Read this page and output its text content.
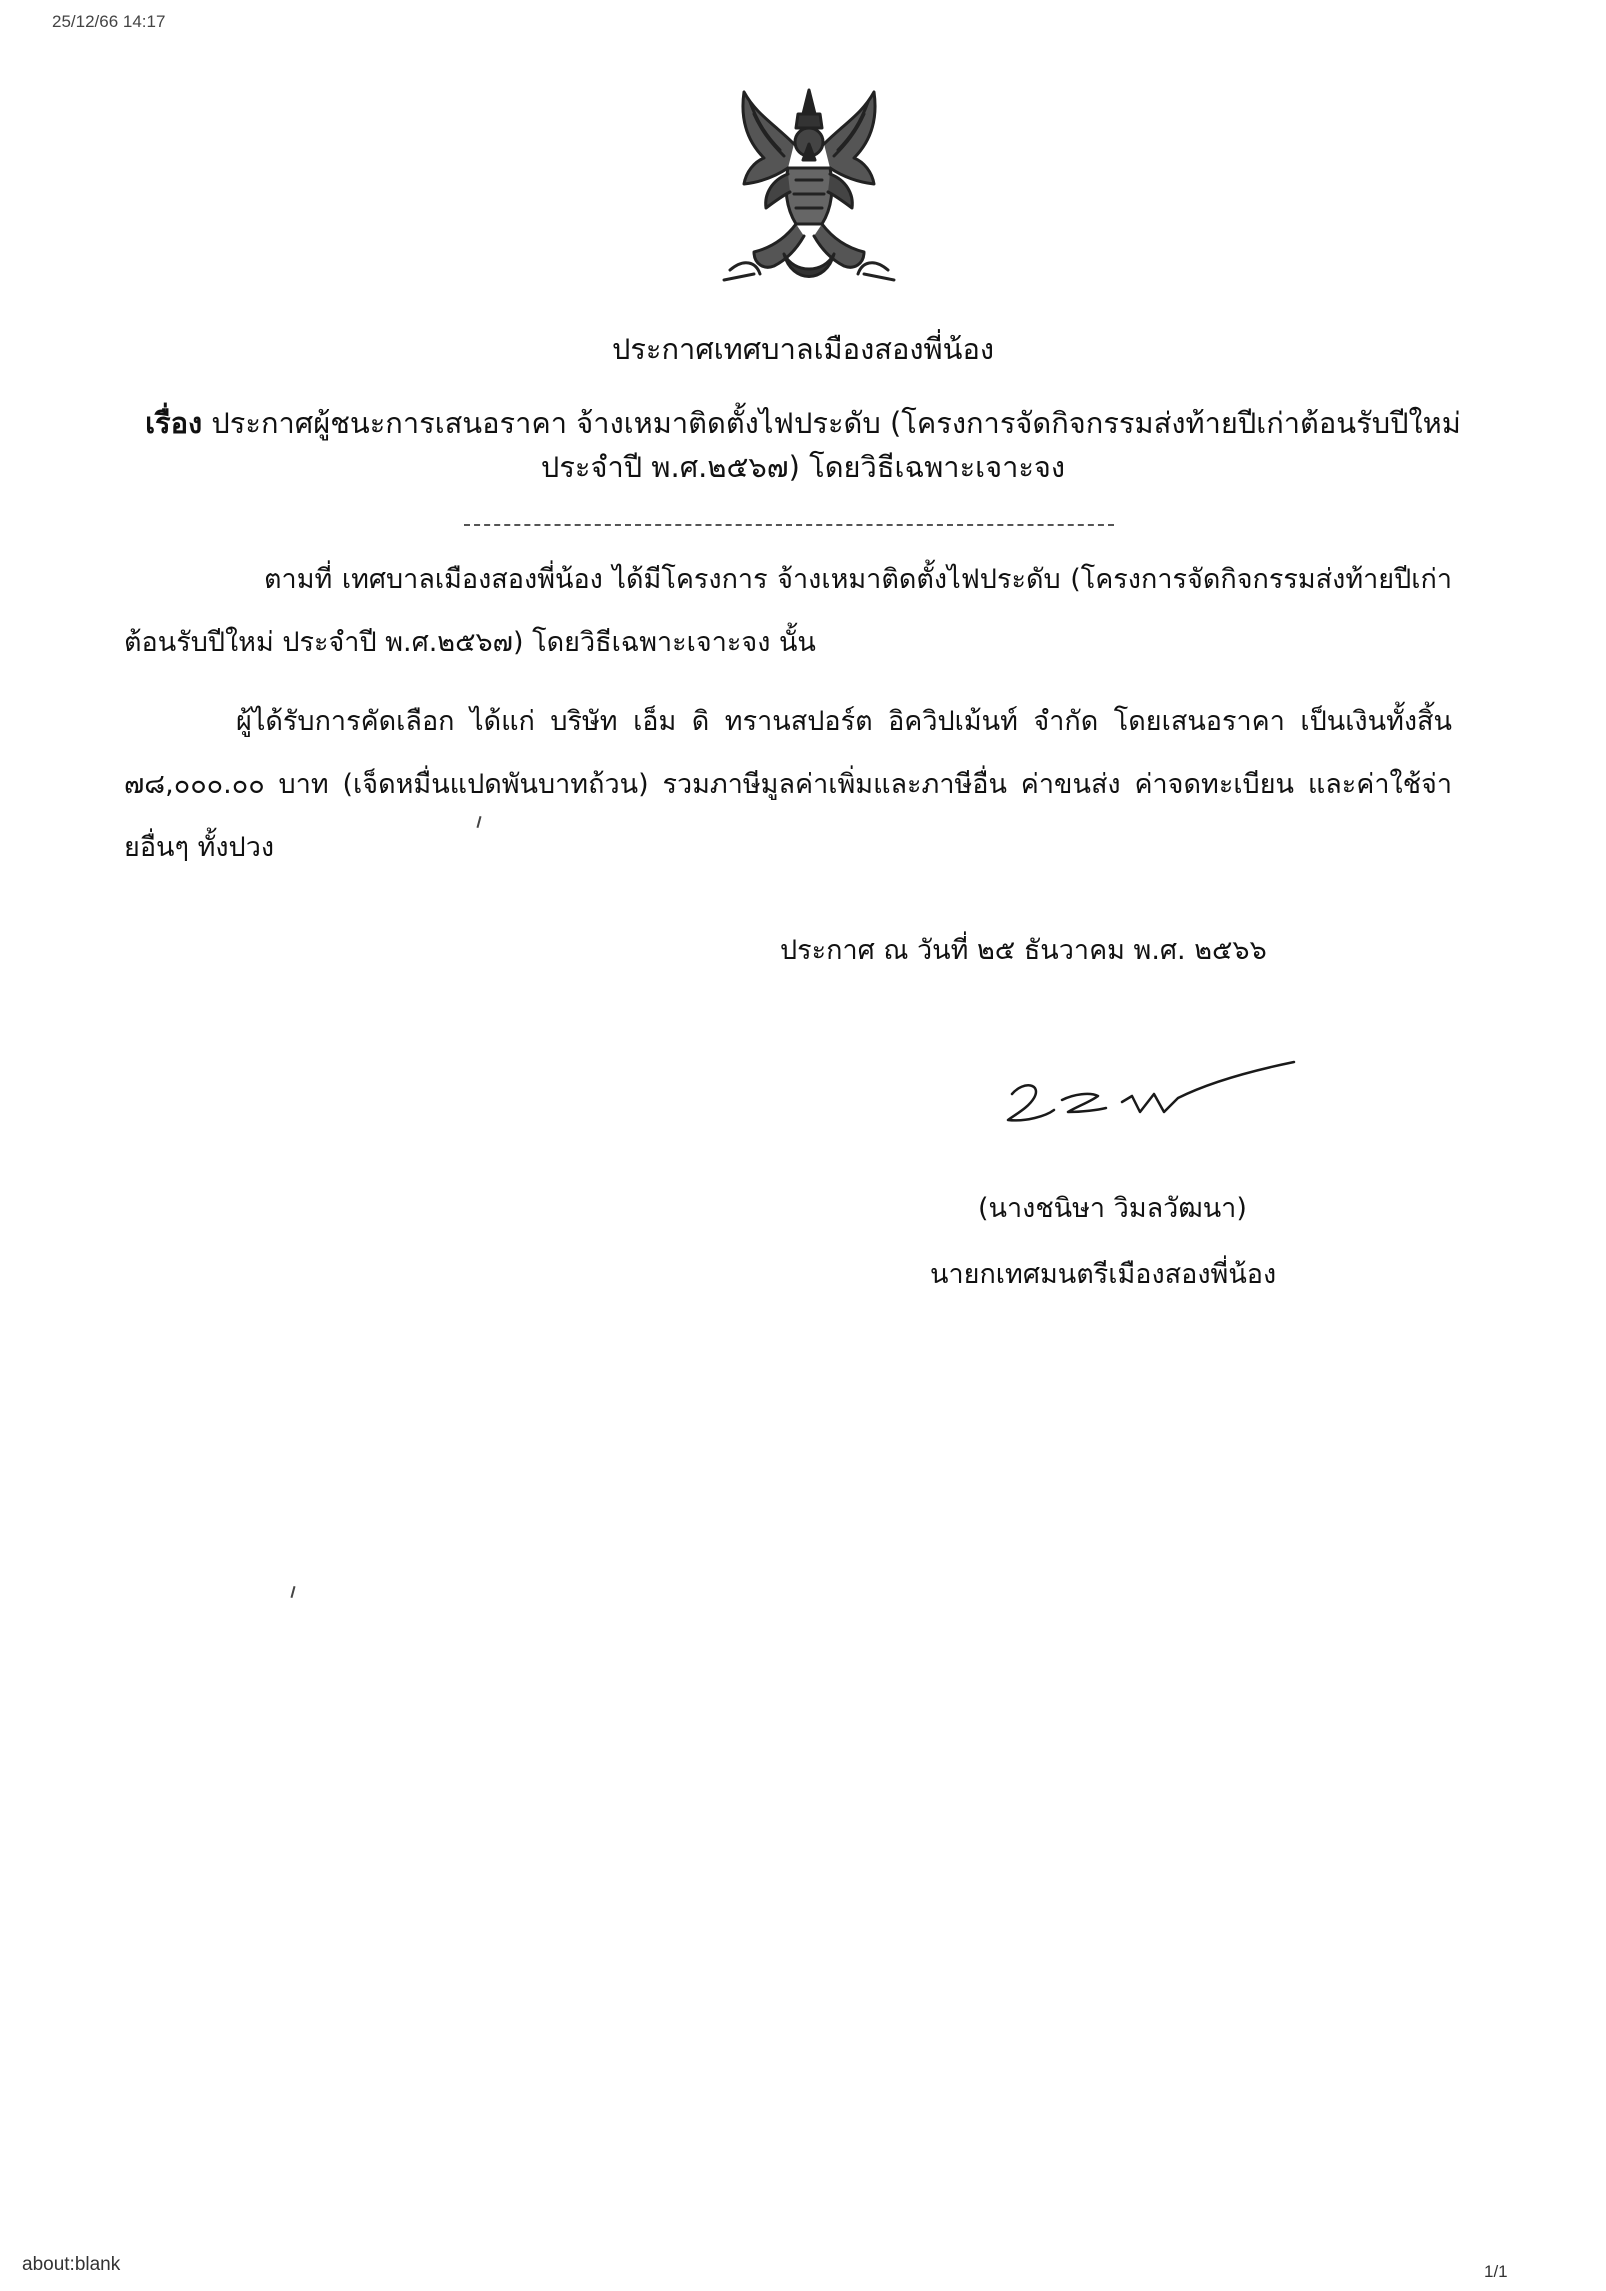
25/12/66 14:17
ประกาศเทศบาลเมืองสองพี่น้อง
เรื่อง ประกาศผู้ชนะการเสนอราคา จ้างเหมาติดตั้งไฟประดับ (โครงการจัดกิจกรรมส่งท้ายปีเก่าต้อนรับปีใหม่
ประจำปี พ.ศ.๒๕๖๗) โดยวิธีเฉพาะเจาะจง
ตามที่ เทศบาลเมืองสองพี่น้อง ได้มีโครงการ จ้างเหมาติดตั้งไฟประดับ (โครงการจัดกิจกรรมส่งท้ายปีเก่าต้อนรับปีใหม่ ประจำปี พ.ศ.๒๕๖๗) โดยวิธีเฉพาะเจาะจง นั้น
ผู้ได้รับการคัดเลือก ได้แก่ บริษัท เอ็ม ดิ ทรานสปอร์ต อิควิปเม้นท์ จำกัด โดยเสนอราคา เป็นเงินทั้งสิ้น ๗๘,๐๐๐.๐๐ บาท (เจ็ดหมื่นแปดพันบาทถ้วน) รวมภาษีมูลค่าเพิ่มและภาษีอื่น ค่าขนส่ง ค่าจดทะเบียน และค่าใช้จ่ายอื่นๆ ทั้งปวง
ประกาศ ณ วันที่ ๒๕ ธันวาคม พ.ศ. ๒๕๖๖
(นางชนิษา วิมลวัฒนา)
นายกเทศมนตรีเมืองสองพี่น้อง
about:blank	1/1
